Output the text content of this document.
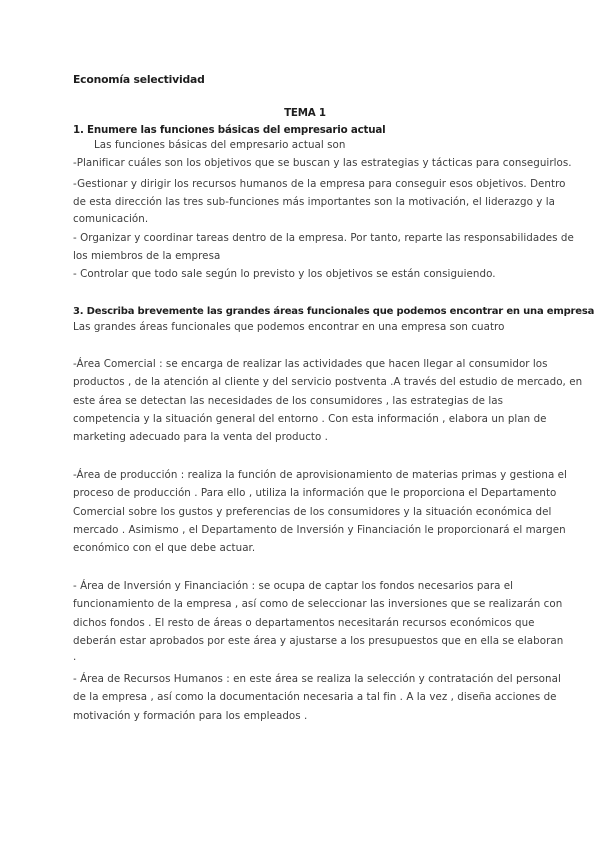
Economía selectividad
TEMA 1
1. Enumere las funciones básicas del empresario actual
Las funciones básicas del empresario actual son
-Planificar cuáles son los objetivos que se buscan y las estrategias y tácticas para conseguirlos.
-Gestionar y dirigir los recursos humanos de la empresa para conseguir esos objetivos. Dentro
de esta dirección las tres sub-funciones más importantes son la motivación, el liderazgo y la
comunicación.
- Organizar y coordinar tareas dentro de la empresa. Por tanto, reparte las responsabilidades de
los miembros de la empresa
- Controlar que todo sale según lo previsto y los objetivos se están consiguiendo.
3. Describa brevemente las grandes áreas funcionales que podemos encontrar en una empresa
Las grandes áreas funcionales que podemos encontrar en una empresa son cuatro
-Área Comercial : se encarga de realizar las actividades que hacen llegar al consumidor los
productos , de la atención al cliente y del servicio postventa .A través del estudio de mercado, en
este área se detectan las necesidades de los consumidores , las estrategias de las
competencia y la situación general del entorno . Con esta información , elabora un plan de
marketing adecuado para la venta del producto .
-Área de producción : realiza la función de aprovisionamiento de materias primas y gestiona el
proceso de producción . Para ello , utiliza la información que le proporciona el Departamento
Comercial sobre los gustos y preferencias de los consumidores y la situación económica del
mercado . Asimismo , el Departamento de Inversión y Financiación le proporcionará el margen
económico con el que debe actuar.
- Área de Inversión y Financiación : se ocupa de captar los fondos necesarios para el
funcionamiento de la empresa , así como de seleccionar las inversiones que se realizarán con
dichos fondos . El resto de áreas o departamentos necesitarán recursos económicos que
deberán estar aprobados por este área y ajustarse a los presupuestos que en ella se elaboran
.
- Área de Recursos Humanos : en este área se realiza la selección y contratación del personal
de la empresa , así como la documentación necesaria a tal fin . A la vez , diseña acciones de
motivación y formación para los empleados .
